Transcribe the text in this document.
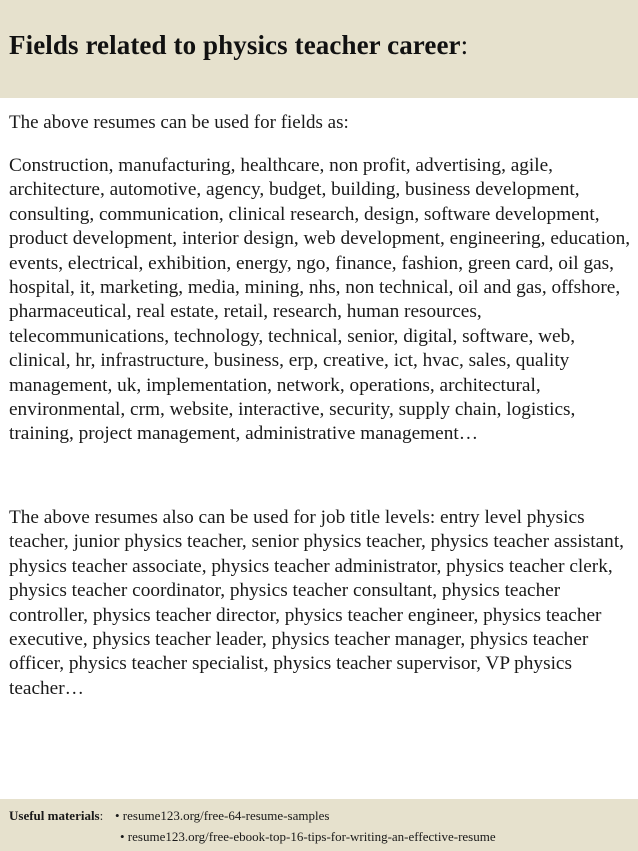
Fields related to physics teacher career:

The above resumes can be used for fields as:

Construction, manufacturing, healthcare, non profit, advertising, agile, architecture, automotive, agency, budget, building, business development, consulting, communication, clinical research, design, software development, product development, interior design, web development, engineering, education, events, electrical, exhibition, energy, ngo, finance, fashion, green card, oil gas, hospital, it, marketing, media, mining, nhs, non technical, oil and gas, offshore, pharmaceutical, real estate, retail, research, human resources, telecommunications, technology, technical, senior, digital, software, web, clinical, hr, infrastructure, business, erp, creative, ict, hvac, sales, quality management, uk, implementation, network, operations, architectural, environmental, crm, website, interactive, security, supply chain, logistics, training, project management, administrative management…

The above resumes also can be used for job title levels: entry level physics teacher, junior physics teacher, senior physics teacher, physics teacher assistant, physics teacher associate, physics teacher administrator, physics teacher clerk, physics teacher coordinator, physics teacher consultant, physics teacher controller, physics teacher director, physics teacher engineer, physics teacher executive, physics teacher leader, physics teacher manager, physics teacher officer, physics teacher specialist, physics teacher supervisor, VP physics teacher…

Useful materials: • resume123.org/free-64-resume-samples
• resume123.org/free-ebook-top-16-tips-for-writing-an-effective-resume
